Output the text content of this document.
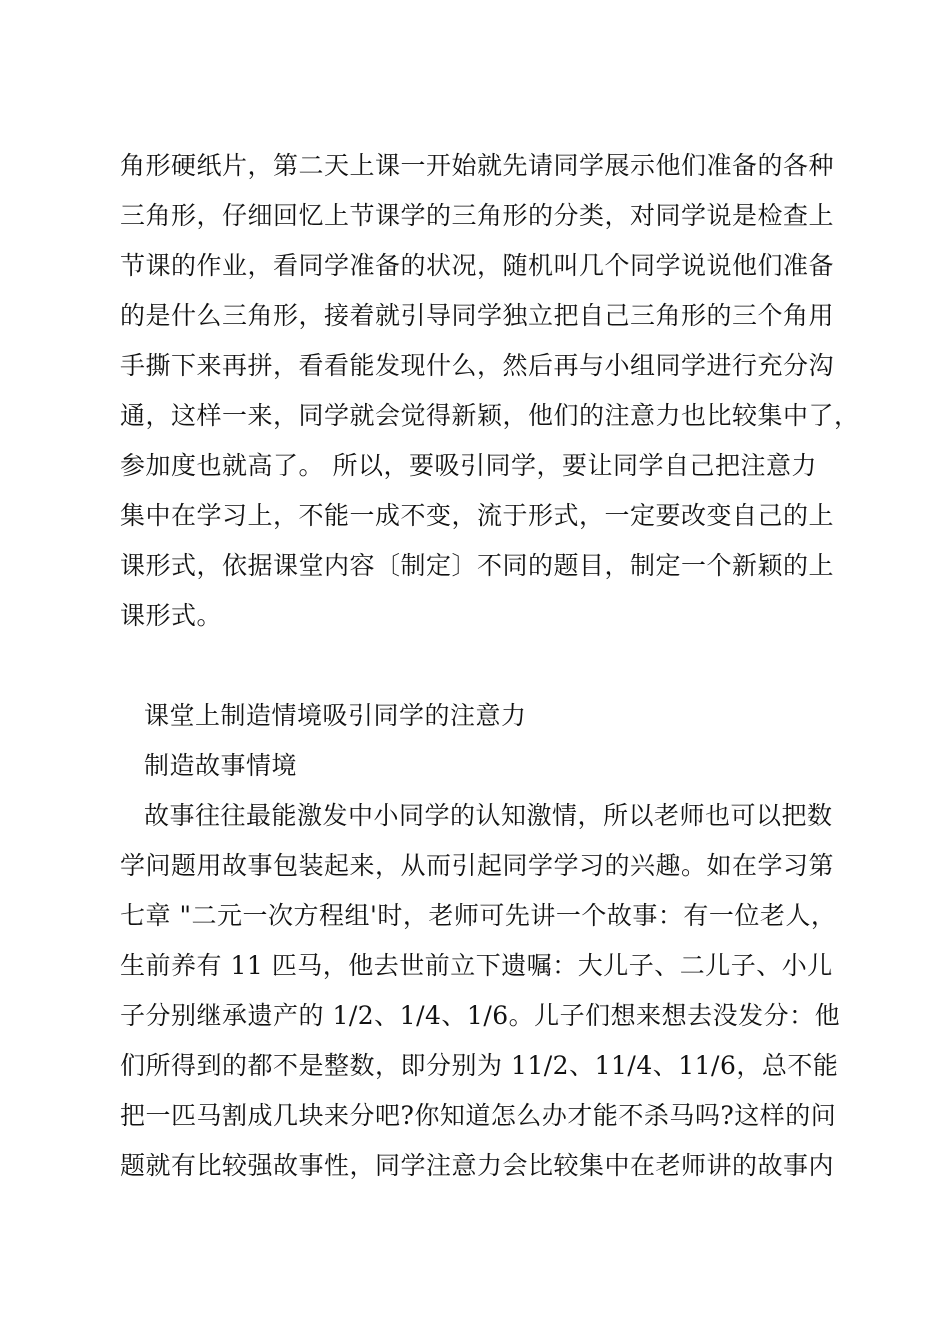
角形硬纸片，第二天上课一开始就先请同学展示他们准备的各种
三角形，仔细回忆上节课学的三角形的分类，对同学说是检查上
节课的作业，看同学准备的状况，随机叫几个同学说说他们准备
的是什么三角形，接着就引导同学独立把自己三角形的三个角用
手撕下来再拼，看看能发现什么，然后再与小组同学进行充分沟
通，这样一来，同学就会觉得新颖，他们的注意力也比较集中了，
参加度也就高了。 所以，要吸引同学，要让同学自己把注意力
集中在学习上，不能一成不变，流于形式，一定要改变自己的上
课形式，依据课堂内容〔制定〕不同的题目，制定一个新颖的上
课形式。
课堂上制造情境吸引同学的注意力
制造故事情境
故事往往最能激发中小同学的认知激情，所以老师也可以把数
学问题用故事包装起来，从而引起同学学习的兴趣。如在学习第
七章 "二元一次方程组'时，老师可先讲一个故事：有一位老人，
生前养有 11 匹马，他去世前立下遗嘱：大儿子、二儿子、小儿
子分别继承遗产的 1/2、1/4、1/6。儿子们想来想去没发分：他
们所得到的都不是整数，即分别为 11/2、11/4、11/6，总不能
把一匹马割成几块来分吧?你知道怎么办才能不杀马吗?这样的问
题就有比较强故事性，同学注意力会比较集中在老师讲的故事内
